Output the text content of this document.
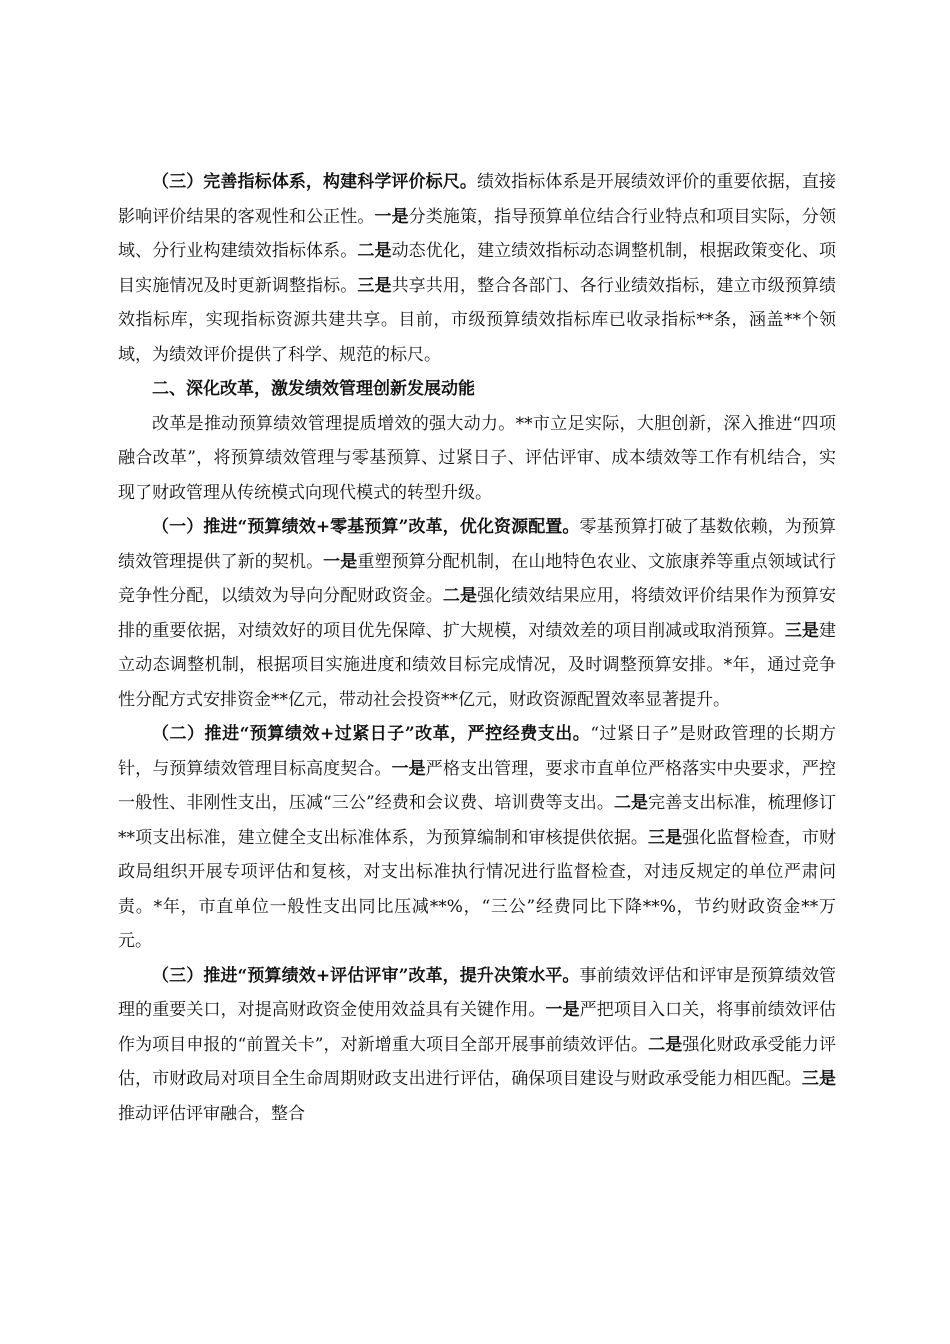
（三）完善指标体系，构建科学评价标尺。绩效指标体系是开展绩效评价的重要依据，直接影响评价结果的客观性和公正性。一是分类施策，指导预算单位结合行业特点和项目实际，分领域、分行业构建绩效指标体系。二是动态优化，建立绩效指标动态调整机制，根据政策变化、项目实施情况及时更新调整指标。三是共享共用，整合各部门、各行业绩效指标，建立市级预算绩效指标库，实现指标资源共建共享。目前，市级预算绩效指标库已收录指标**条，涵盖**个领域，为绩效评价提供了科学、规范的标尺。

二、深化改革，激发绩效管理创新发展动能

改革是推动预算绩效管理提质增效的强大动力。**市立足实际，大胆创新，深入推进“四项融合改革”，将预算绩效管理与零基预算、过紧日子、评估评审、成本绩效等工作有机结合，实现了财政管理从传统模式向现代模式的转型升级。

（一）推进“预算绩效+零基预算”改革，优化资源配置。零基预算打破了基数依赖，为预算绩效管理提供了新的契机。一是重塑预算分配机制，在山地特色农业、文旅康养等重点领域试行竞争性分配，以绩效为导向分配财政资金。二是强化绩效结果应用，将绩效评价结果作为预算安排的重要依据，对绩效好的项目优先保障、扩大规模，对绩效差的项目削减或取消预算。三是建立动态调整机制，根据项目实施进度和绩效目标完成情况，及时调整预算安排。*年，通过竞争性分配方式安排资金**亿元，带动社会投资**亿元，财政资源配置效率显著提升。

（二）推进“预算绩效+过紧日子”改革，严控经费支出。“过紧日子”是财政管理的长期方针，与预算绩效管理目标高度契合。一是严格支出管理，要求市直单位严格落实中央要求，严控一般性、非刚性支出，压减“三公”经费和会议费、培训费等支出。二是完善支出标准，梳理修订**项支出标准，建立健全支出标准体系，为预算编制和审核提供依据。三是强化监督检查，市财政局组织开展专项评估和复核，对支出标准执行情况进行监督检查，对违反规定的单位严肃问责。*年，市直单位一般性支出同比压减**%，“三公”经费同比下降**%，节约财政资金**万元。

（三）推进“预算绩效+评估评审”改革，提升决策水平。事前绩效评估和评审是预算绩效管理的重要关口，对提高财政资金使用效益具有关键作用。一是严把项目入口关，将事前绩效评估作为项目申报的“前置关卡”，对新增重大项目全部开展事前绩效评估。二是强化财政承受能力评估，市财政局对项目全生命周期财政支出进行评估，确保项目建设与财政承受能力相匹配。三是推动评估评审融合，整合
